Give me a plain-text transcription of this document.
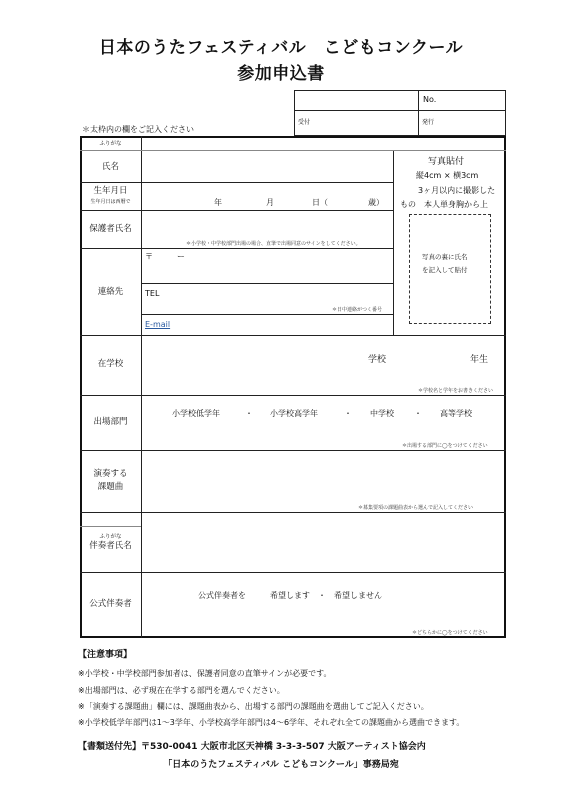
日本のうたフェスティバル　こどもコンクール
参加申込書
No.
受付	発行
＊太枠内の欄をご記入ください
写真貼付
縦4cm × 横3cm
3ヶ月以内に撮影した
もの　本人単身胸から上
写真の裏に氏名
を記入して貼付
ふりがな
氏名
生年月日
生年月日は西暦で	年	月	日（	歳）
保護者氏名
＊小学校・中学校部門出場の場合、直筆で出場同意のサインをしてください。
連絡先
〒　　　ー
TEL
＊日中連絡がつく番号
E-mail
在学校	学校	年生
＊学校名と学年をお書きください
出場部門
小学校低学年	・ 小学校高学年	・ 中学校	・ 高等学校
＊出場する部門に◯をつけてください
演奏する
課題曲
＊募集要項の課題曲表から選んで記入してください
ふりがな
伴奏者氏名
公式伴奏者
公式伴奏者を　　　希望します　・　希望しません
＊どちらかに◯をつけてください
【注意事項】
※小学校・中学校部門参加者は、保護者同意の直筆サインが必要です。
※出場部門は、必ず現在在学する部門を選んでください。
※「演奏する課題曲」欄には、課題曲表から、出場する部門の課題曲を選曲してご記入ください。
※小学校低学年部門は1～3学年、小学校高学年部門は4～6学年、それぞれ全ての課題曲から選曲できます。
【書類送付先】〒530-0041 大阪市北区天神橋 3-3-3-507 大阪アーティスト協会内
「日本のうたフェスティバル こどもコンクール」事務局宛
